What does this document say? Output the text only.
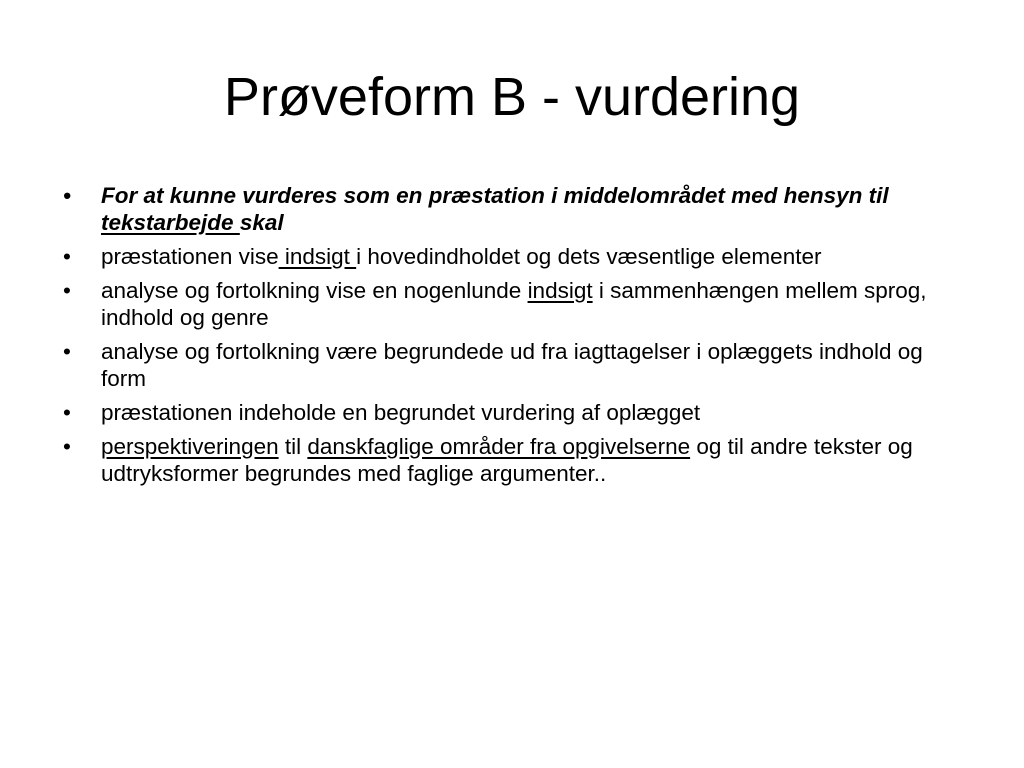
Prøveform B - vurdering
• For at kunne vurderes som en præstation i middelområdet med hensyn til tekstarbejde skal
• præstationen vise indsigt i hovedindholdet og dets væsentlige elementer
• analyse og fortolkning vise en nogenlunde indsigt i sammenhængen mellem sprog, indhold og genre
• analyse og fortolkning være begrundede ud fra iagttagelser i oplæggets indhold og form
• præstationen indeholde en begrundet vurdering af oplægget
• perspektiveringen til danskfaglige områder fra opgivelserne og til andre tekster og udtryksformer begrundes med faglige argumenter..
